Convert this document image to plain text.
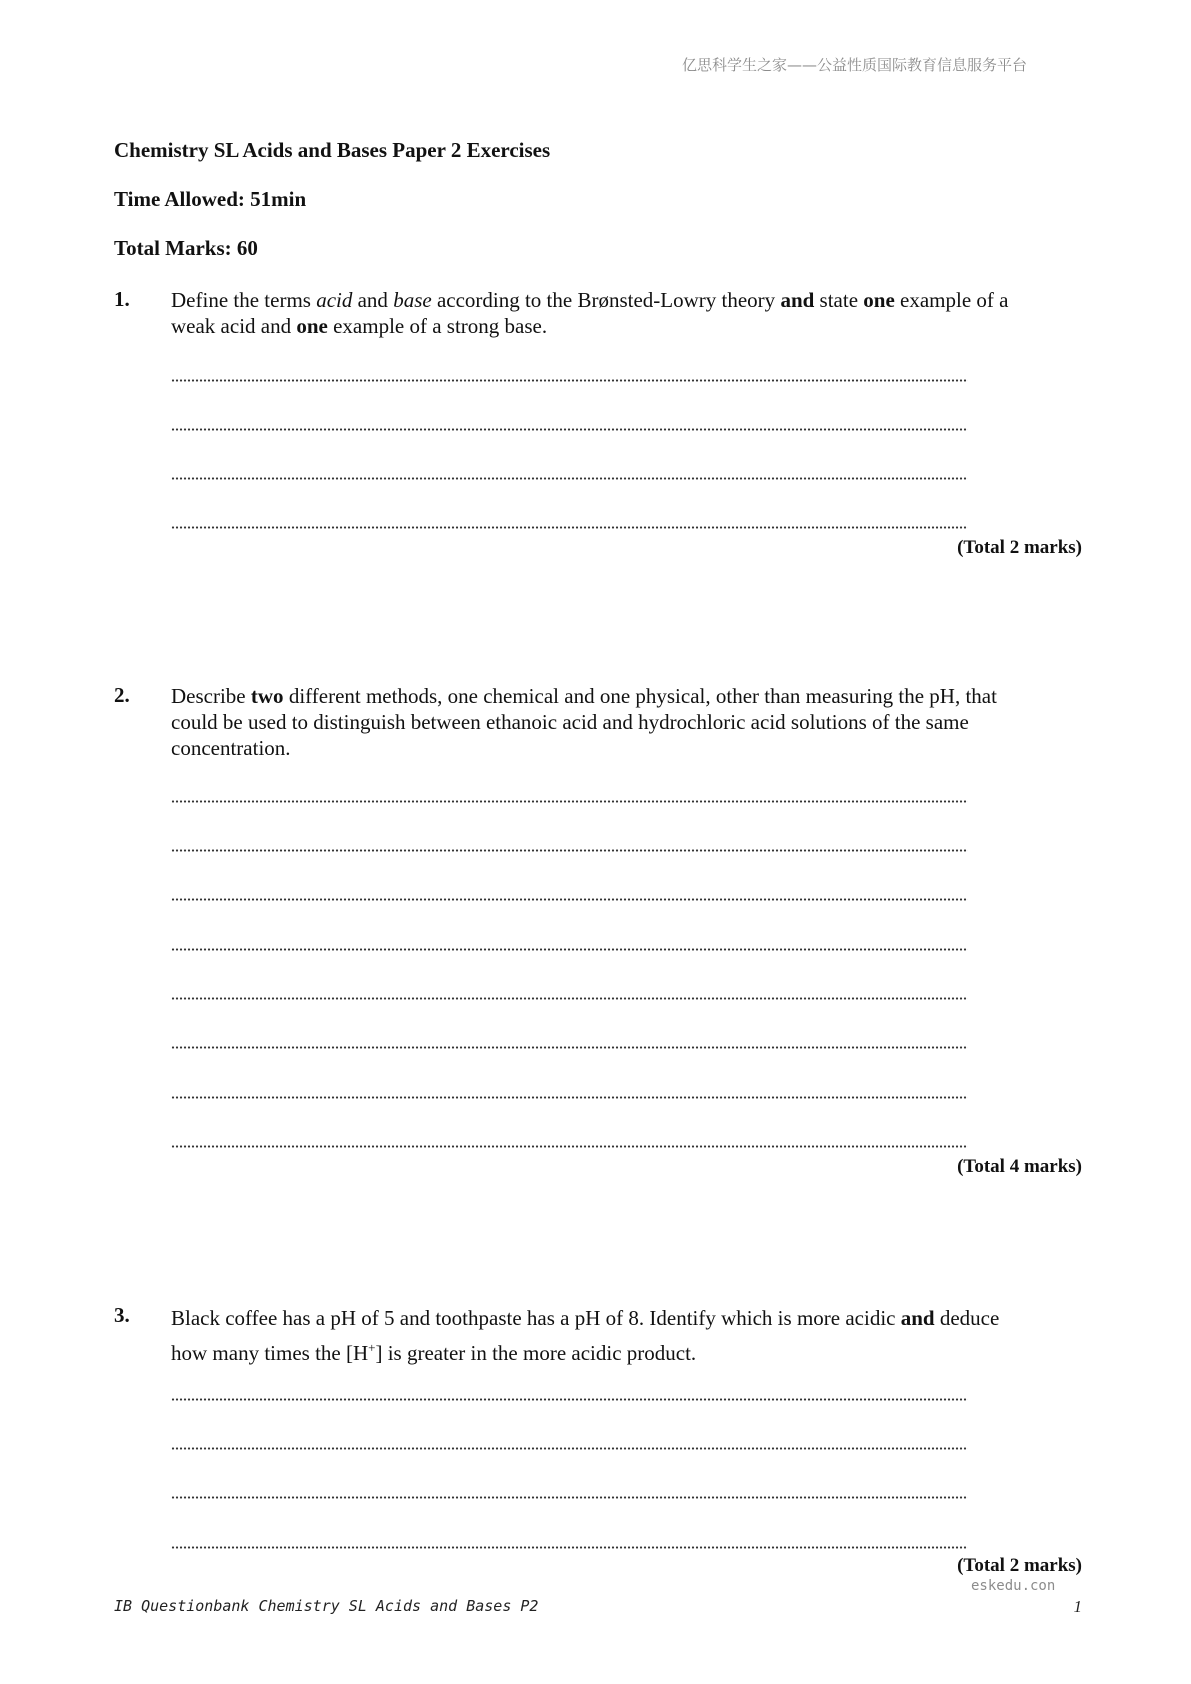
亿思科学生之家——公益性质国际教育信息服务平台
Chemistry SL Acids and Bases Paper 2 Exercises
Time Allowed: 51min
Total Marks: 60
1. Define the terms acid and base according to the Brønsted-Lowry theory and state one example of a weak acid and one example of a strong base.
(Total 2 marks)
2. Describe two different methods, one chemical and one physical, other than measuring the pH, that could be used to distinguish between ethanoic acid and hydrochloric acid solutions of the same concentration.
(Total 4 marks)
3. Black coffee has a pH of 5 and toothpaste has a pH of 8. Identify which is more acidic and deduce how many times the [H+] is greater in the more acidic product.
(Total 2 marks)
eskedu.con
IB Questionbank Chemistry SL Acids and Bases P2	1
